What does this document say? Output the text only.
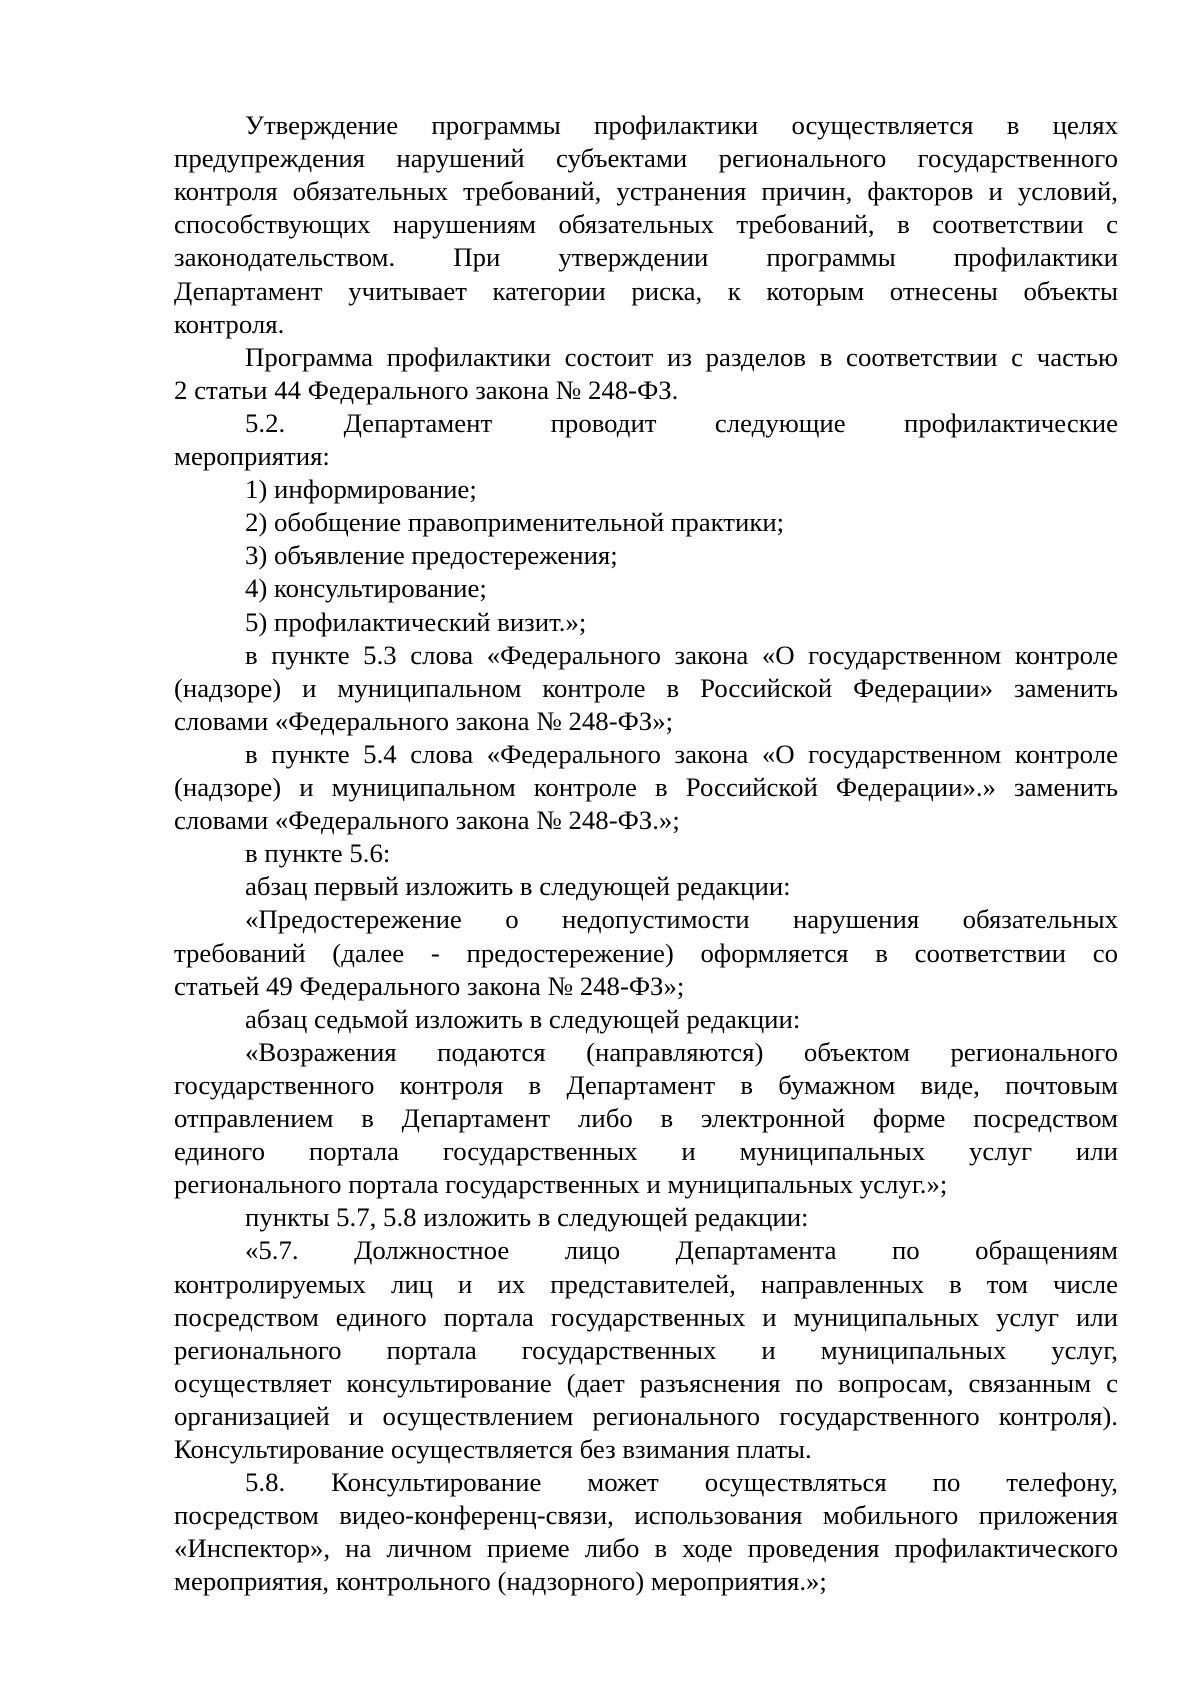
Утверждение программы профилактики осуществляется в целях
предупреждения нарушений субъектами регионального государственного
контроля обязательных требований, устранения причин, факторов и условий,
способствующих нарушениям обязательных требований, в соответствии с
законодательством. При утверждении программы профилактики
Департамент учитывает категории риска, к которым отнесены объекты
контроля.
Программа профилактики состоит из разделов в соответствии с частью
2 статьи 44 Федерального закона № 248-ФЗ.
5.2. Департамент проводит следующие профилактические
мероприятия:
1) информирование;
2) обобщение правоприменительной практики;
3) объявление предостережения;
4) консультирование;
5) профилактический визит.»;
в пункте 5.3 слова «Федерального закона «О государственном контроле
(надзоре) и муниципальном контроле в Российской Федерации» заменить
словами «Федерального закона № 248-ФЗ»;
в пункте 5.4 слова «Федерального закона «О государственном контроле
(надзоре) и муниципальном контроле в Российской Федерации».» заменить
словами «Федерального закона № 248-ФЗ.»;
в пункте 5.6:
абзац первый изложить в следующей редакции:
«Предостережение о недопустимости нарушения обязательных
требований (далее - предостережение) оформляется в соответствии со
статьей 49 Федерального закона № 248-ФЗ»;
абзац седьмой изложить в следующей редакции:
«Возражения подаются (направляются) объектом регионального
государственного контроля в Департамент в бумажном виде, почтовым
отправлением в Департамент либо в электронной форме посредством
единого портала государственных и муниципальных услуг или
регионального портала государственных и муниципальных услуг.»;
пункты 5.7, 5.8 изложить в следующей редакции:
«5.7. Должностное лицо Департамента по обращениям
контролируемых лиц и их представителей, направленных в том числе
посредством единого портала государственных и муниципальных услуг или
регионального портала государственных и муниципальных услуг,
осуществляет консультирование (дает разъяснения по вопросам, связанным с
организацией и осуществлением регионального государственного контроля).
Консультирование осуществляется без взимания платы.
5.8. Консультирование может осуществляться по телефону,
посредством видео-конференц-связи, использования мобильного приложения
«Инспектор», на личном приеме либо в ходе проведения профилактического
мероприятия, контрольного (надзорного) мероприятия.»;
